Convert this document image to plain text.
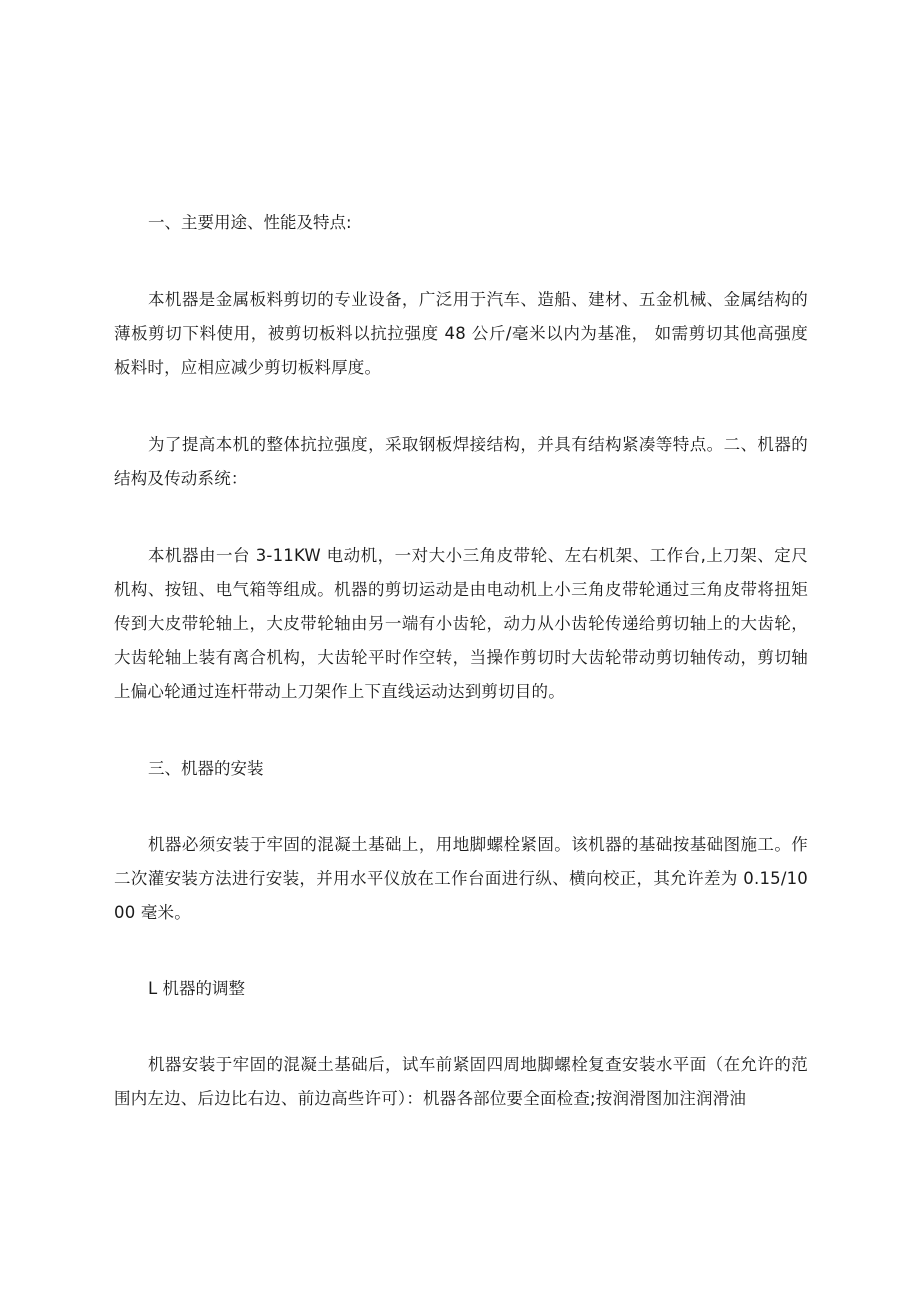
一、主要用途、性能及特点:

本机器是金属板料剪切的专业设备，广泛用于汽车、造船、建材、五金机械、金属结构的薄板剪切下料使用，被剪切板料以抗拉强度 48 公斤/毫米以内为基准， 如需剪切其他高强度板料时，应相应减少剪切板料厚度。

为了提高本机的整体抗拉强度，采取钢板焊接结构，并具有结构紧凑等特点。二、机器的结构及传动系统：

本机器由一台 3-11KW 电动机，一对大小三角皮带轮、左右机架、工作台,上刀架、定尺机构、按钮、电气箱等组成。机器的剪切运动是由电动机上小三角皮带轮通过三角皮带将扭矩传到大皮带轮轴上，大皮带轮轴由另一端有小齿轮，动力从小齿轮传递给剪切轴上的大齿轮，大齿轮轴上装有离合机构，大齿轮平时作空转，当操作剪切时大齿轮带动剪切轴传动，剪切轴上偏心轮通过连杆带动上刀架作上下直线运动达到剪切目的。

三、机器的安装

机器必须安装于牢固的混凝土基础上，用地脚螺栓紧固。该机器的基础按基础图施工。作二次灌安装方法进行安装，并用水平仪放在工作台面进行纵、横向校正，其允许差为 0.15/1000 毫米。

L 机器的调整

机器安装于牢固的混凝土基础后，试车前紧固四周地脚螺栓复查安装水平面（在允许的范围内左边、后边比右边、前边高些许可）：机器各部位要全面检查;按润滑图加注润滑油
